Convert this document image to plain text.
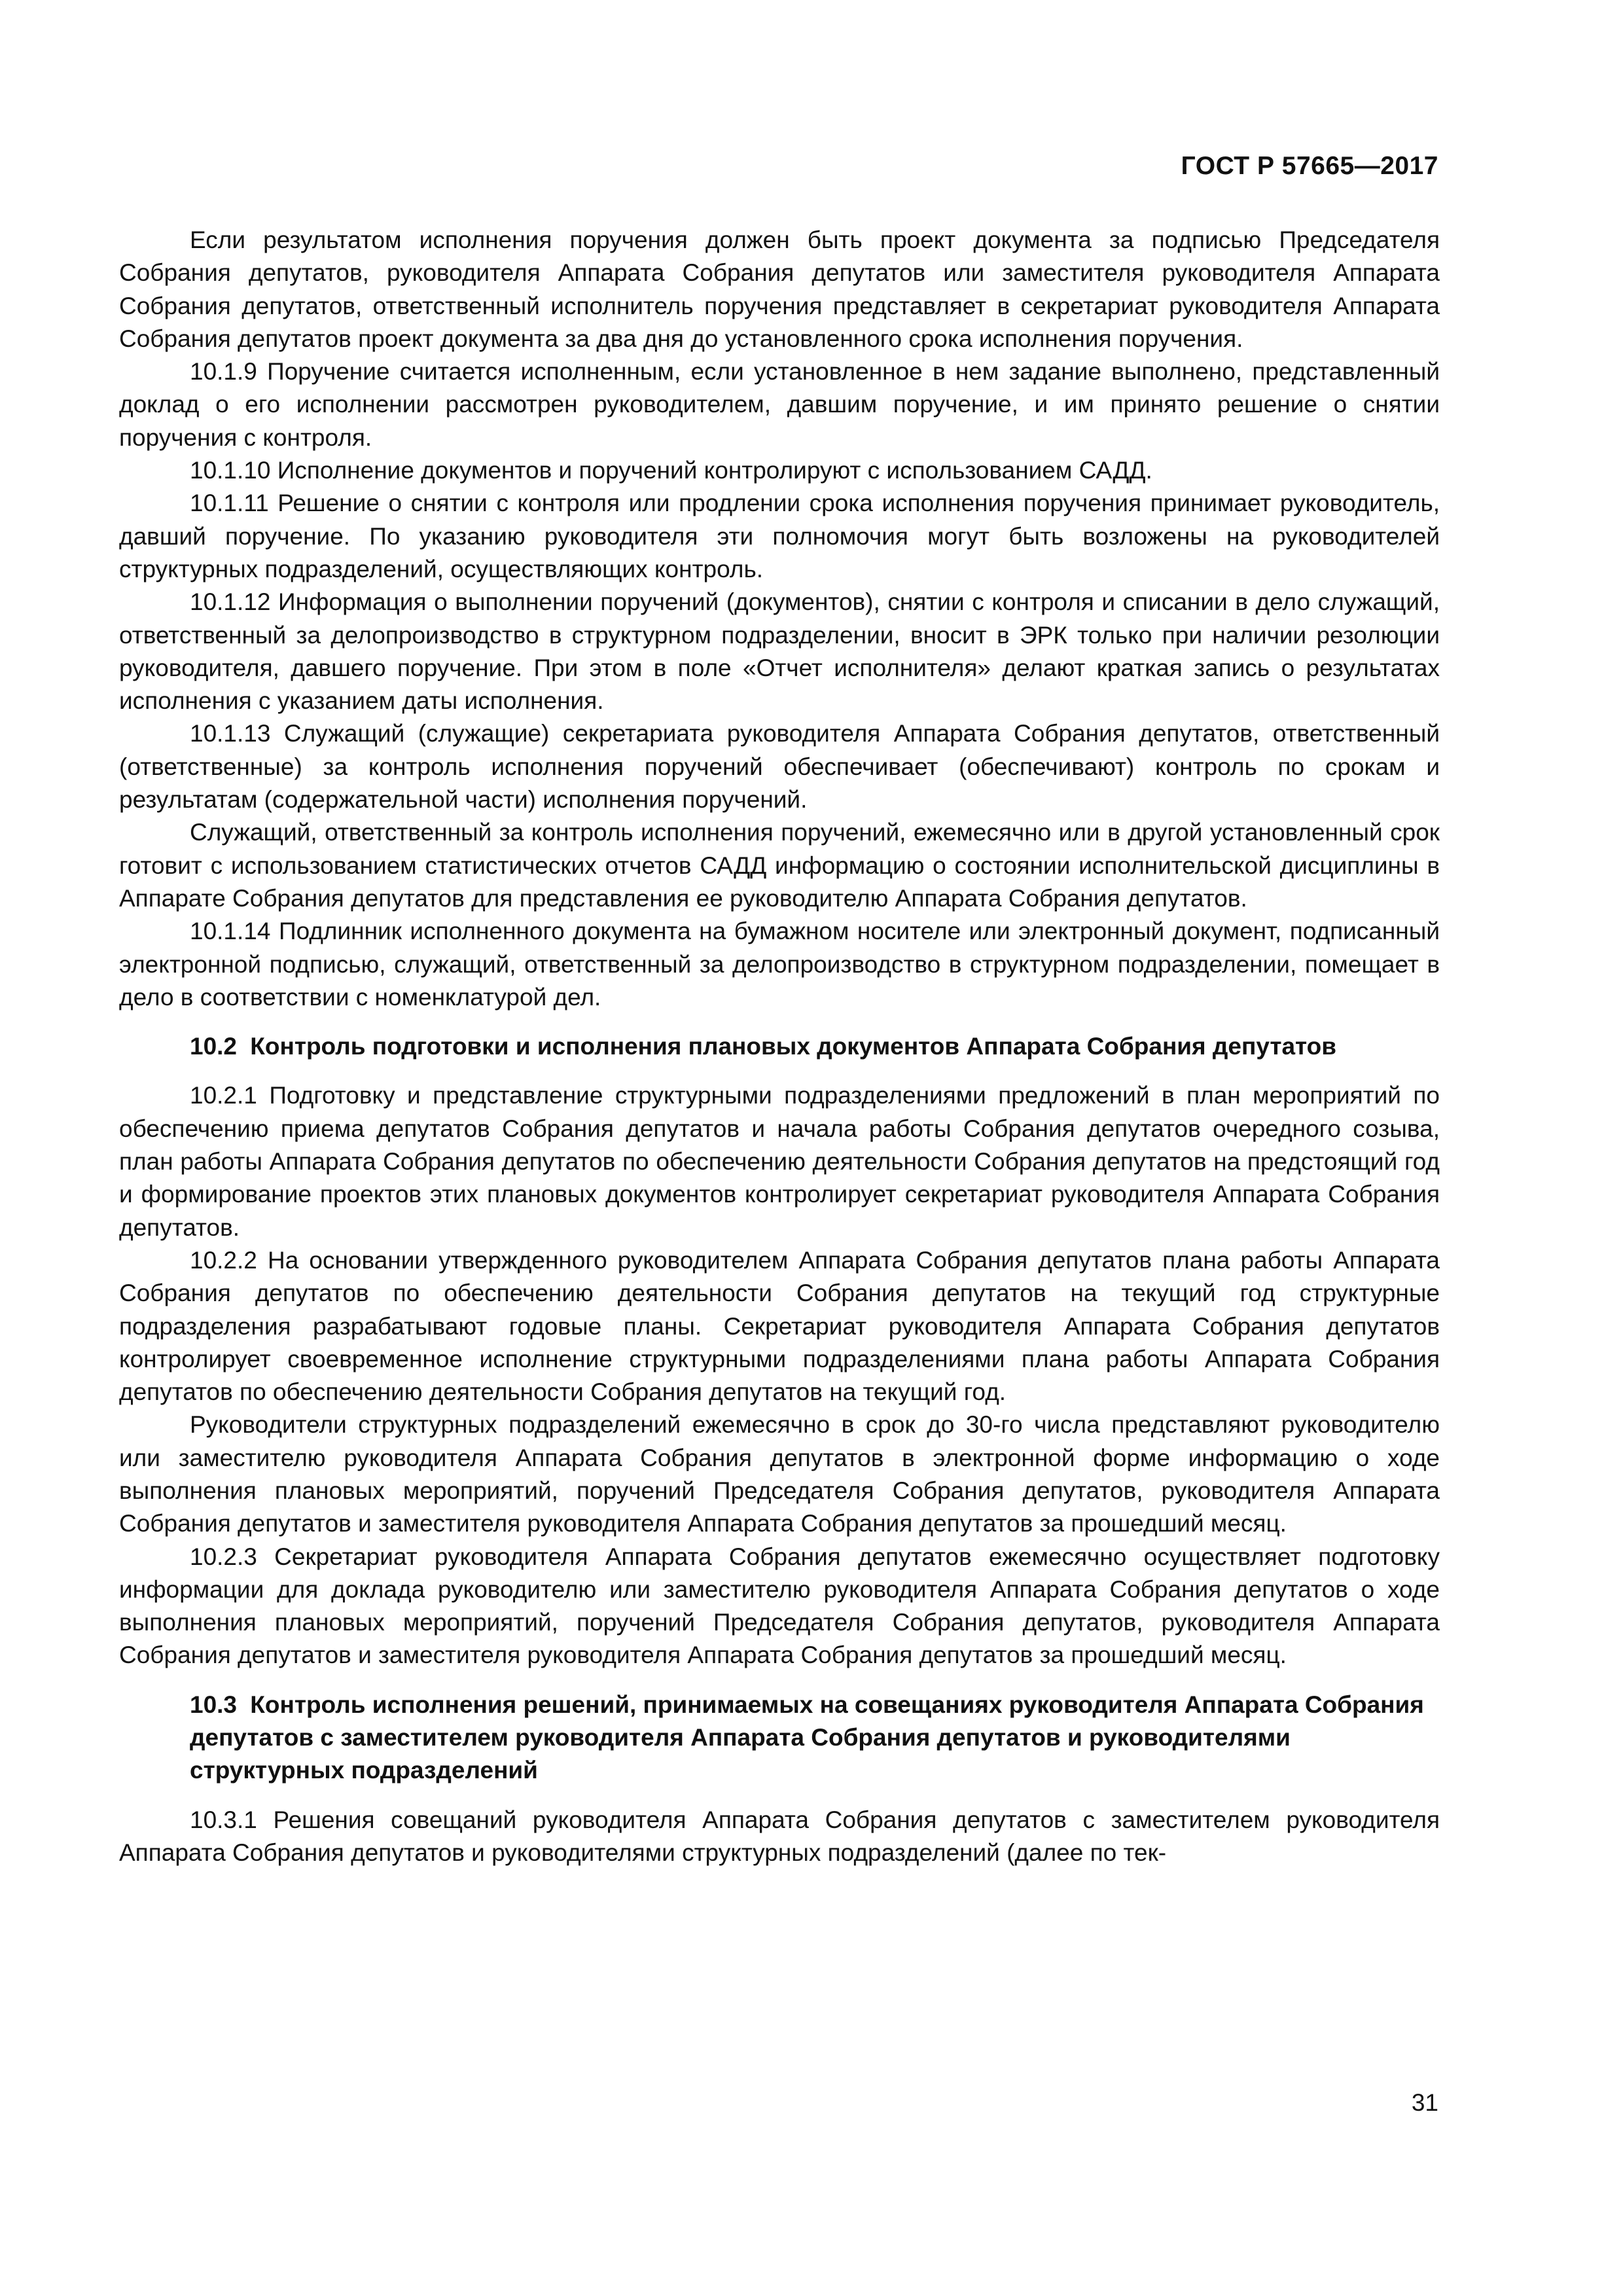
ГОСТ Р 57665—2017

Если результатом исполнения поручения должен быть проект документа за подписью Председателя Собрания депутатов, руководителя Аппарата Собрания депутатов или заместителя руководителя Аппарата Собрания депутатов, ответственный исполнитель поручения представляет в секретариат руководителя Аппарата Собрания депутатов проект документа за два дня до установленного срока исполнения поручения.

10.1.9 Поручение считается исполненным, если установленное в нем задание выполнено, представленный доклад о его исполнении рассмотрен руководителем, давшим поручение, и им принято решение о снятии поручения с контроля.

10.1.10 Исполнение документов и поручений контролируют с использованием САДД.

10.1.11 Решение о снятии с контроля или продлении срока исполнения поручения принимает руководитель, давший поручение. По указанию руководителя эти полномочия могут быть возложены на руководителей структурных подразделений, осуществляющих контроль.

10.1.12 Информация о выполнении поручений (документов), снятии с контроля и списании в дело служащий, ответственный за делопроизводство в структурном подразделении, вносит в ЭРК только при наличии резолюции руководителя, давшего поручение. При этом в поле «Отчет исполнителя» делают краткая запись о результатах исполнения с указанием даты исполнения.

10.1.13 Служащий (служащие) секретариата руководителя Аппарата Собрания депутатов, ответственный (ответственные) за контроль исполнения поручений обеспечивает (обеспечивают) контроль по срокам и результатам (содержательной части) исполнения поручений.

Служащий, ответственный за контроль исполнения поручений, ежемесячно или в другой установленный срок готовит с использованием статистических отчетов САДД информацию о состоянии исполнительской дисциплины в Аппарате Собрания депутатов для представления ее руководителю Аппарата Собрания депутатов.

10.1.14 Подлинник исполненного документа на бумажном носителе или электронный документ, подписанный электронной подписью, служащий, ответственный за делопроизводство в структурном подразделении, помещает в дело в соответствии с номенклатурой дел.

10.2 Контроль подготовки и исполнения плановых документов Аппарата Собрания депутатов

10.2.1 Подготовку и представление структурными подразделениями предложений в план мероприятий по обеспечению приема депутатов Собрания депутатов и начала работы Собрания депутатов очередного созыва, план работы Аппарата Собрания депутатов по обеспечению деятельности Собрания депутатов на предстоящий год и формирование проектов этих плановых документов контролирует секретариат руководителя Аппарата Собрания депутатов.

10.2.2 На основании утвержденного руководителем Аппарата Собрания депутатов плана работы Аппарата Собрания депутатов по обеспечению деятельности Собрания депутатов на текущий год структурные подразделения разрабатывают годовые планы. Секретариат руководителя Аппарата Собрания депутатов контролирует своевременное исполнение структурными подразделениями плана работы Аппарата Собрания депутатов по обеспечению деятельности Собрания депутатов на текущий год.

Руководители структурных подразделений ежемесячно в срок до 30-го числа представляют руководителю или заместителю руководителя Аппарата Собрания депутатов в электронной форме информацию о ходе выполнения плановых мероприятий, поручений Председателя Собрания депутатов, руководителя Аппарата Собрания депутатов и заместителя руководителя Аппарата Собрания депутатов за прошедший месяц.

10.2.3 Секретариат руководителя Аппарата Собрания депутатов ежемесячно осуществляет подготовку информации для доклада руководителю или заместителю руководителя Аппарата Собрания депутатов о ходе выполнения плановых мероприятий, поручений Председателя Собрания депутатов, руководителя Аппарата Собрания депутатов и заместителя руководителя Аппарата Собрания депутатов за прошедший месяц.

10.3 Контроль исполнения решений, принимаемых на совещаниях руководителя Аппарата Собрания депутатов с заместителем руководителя Аппарата Собрания депутатов и руководителями структурных подразделений

10.3.1 Решения совещаний руководителя Аппарата Собрания депутатов с заместителем руководителя Аппарата Собрания депутатов и руководителями структурных подразделений (далее по тек-

31
